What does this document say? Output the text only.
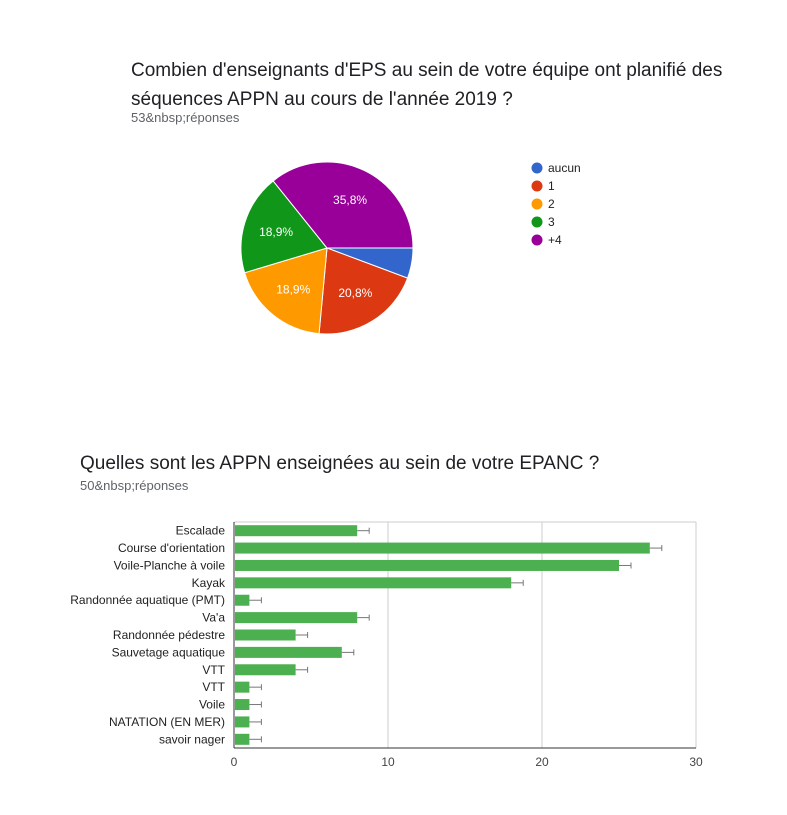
Combien d'enseignants d'EPS au sein de votre équipe ont planifié des séquences APPN au cours de l'année 2019 ?
53&nbsp;réponses
20,8%
18,9%
18,9%
35,8%
aucun
1
2
3
+4
Quelles sont les APPN enseignées au sein de votre EPANC ?
50&nbsp;réponses
0	10	20	30
Escalade
Course d'orientation
Voile-Planche à voile
Kayak
Randonnée aquatique (PMT)
Va'a
Randonnée pédestre
Sauvetage aquatique
VTT
VTT
Voile
NATATION (EN MER)
savoir nager
